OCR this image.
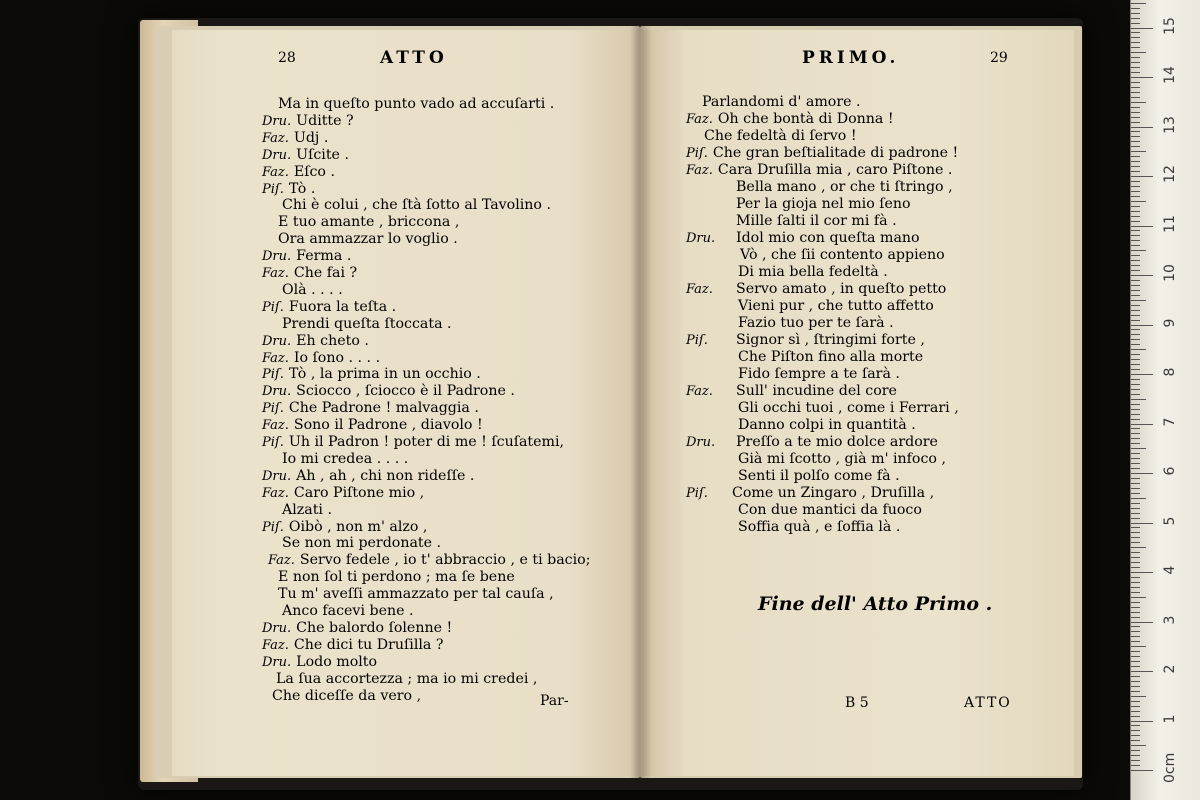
28	ATTO	PRIMO.	29
Ma in queſto punto vado ad accuſarti .
Dru. Uditte ?
Faz. Udj .
Dru. Uſcite .
Faz. Eſco .
Piſ. Tò .
Chi è colui , che ſtà ſotto al Tavolino .
E tuo amante , briccona ,
Ora ammazzar lo voglio .
Dru. Ferma .
Faz. Che fai ?
Olà . . . .
Piſ. Fuora la teſta .
Prendi queſta ſtoccata .
Dru. Eh cheto .
Faz. Io ſono . . . .
Piſ. Tò , la prima in un occhio .
Dru. Sciocco , ſciocco è il Padrone .
Piſ. Che Padrone ! malvaggia .
Faz. Sono il Padrone , diavolo !
Piſ. Uh il Padron ! poter di me ! ſcuſatemi,
Io mi credea . . . .
Dru. Ah , ah , chi non rideſſe .
Faz. Caro Piſtone mio ,
Alzati .
Piſ. Oibò , non m' alzo ,
Se non mi perdonate .
Faz. Servo fedele , io t' abbraccio , e ti bacio;
E non ſol ti perdono ; ma ſe bene
Tu m' aveſſi ammazzato per tal cauſa ,
Anco facevi bene .
Dru. Che balordo ſolenne !
Faz. Che dici tu Druſilla ?
Dru. Lodo molto
La ſua accortezza ; ma io mi credei ,
Che diceſſe da vero ,
Parlandomi d' amore .
Faz. Oh che bontà di Donna !
Che fedeltà di ſervo !
Piſ. Che gran beſtialitade di padrone !
Faz. Cara Druſilla mia , caro Piſtone .
Bella mano , or che ti ſtringo ,
Per la gioja nel mio ſeno
Mille ſalti il cor mi fà .
Dru. Idol mio con queſta mano
Vò , che ſii contento appieno
Di mia bella fedeltà .
Faz. Servo amato , in queſto petto
Vieni pur , che tutto affetto
Fazio tuo per te ſarà .
Piſ. Signor sì , ſtringimi forte ,
Che Piſton fino alla morte
Fido ſempre a te ſarà .
Faz. Sull' incudine del core
Gli occhi tuoi , come i Ferrari ,
Danno colpi in quantità .
Dru. Preſſo a te mio dolce ardore
Già mi ſcotto , già m' infoco ,
Senti il polſo come fà .
Piſ. Come un Zingaro , Druſilla ,
Con due mantici da fuoco
Soffia quà , e ſoffia là .
Fine dell' Atto Primo .
Par-	B 5	ATTO
0cm
1
2
3
4
5
6
7
8
9
10
11
12
13
14
15
